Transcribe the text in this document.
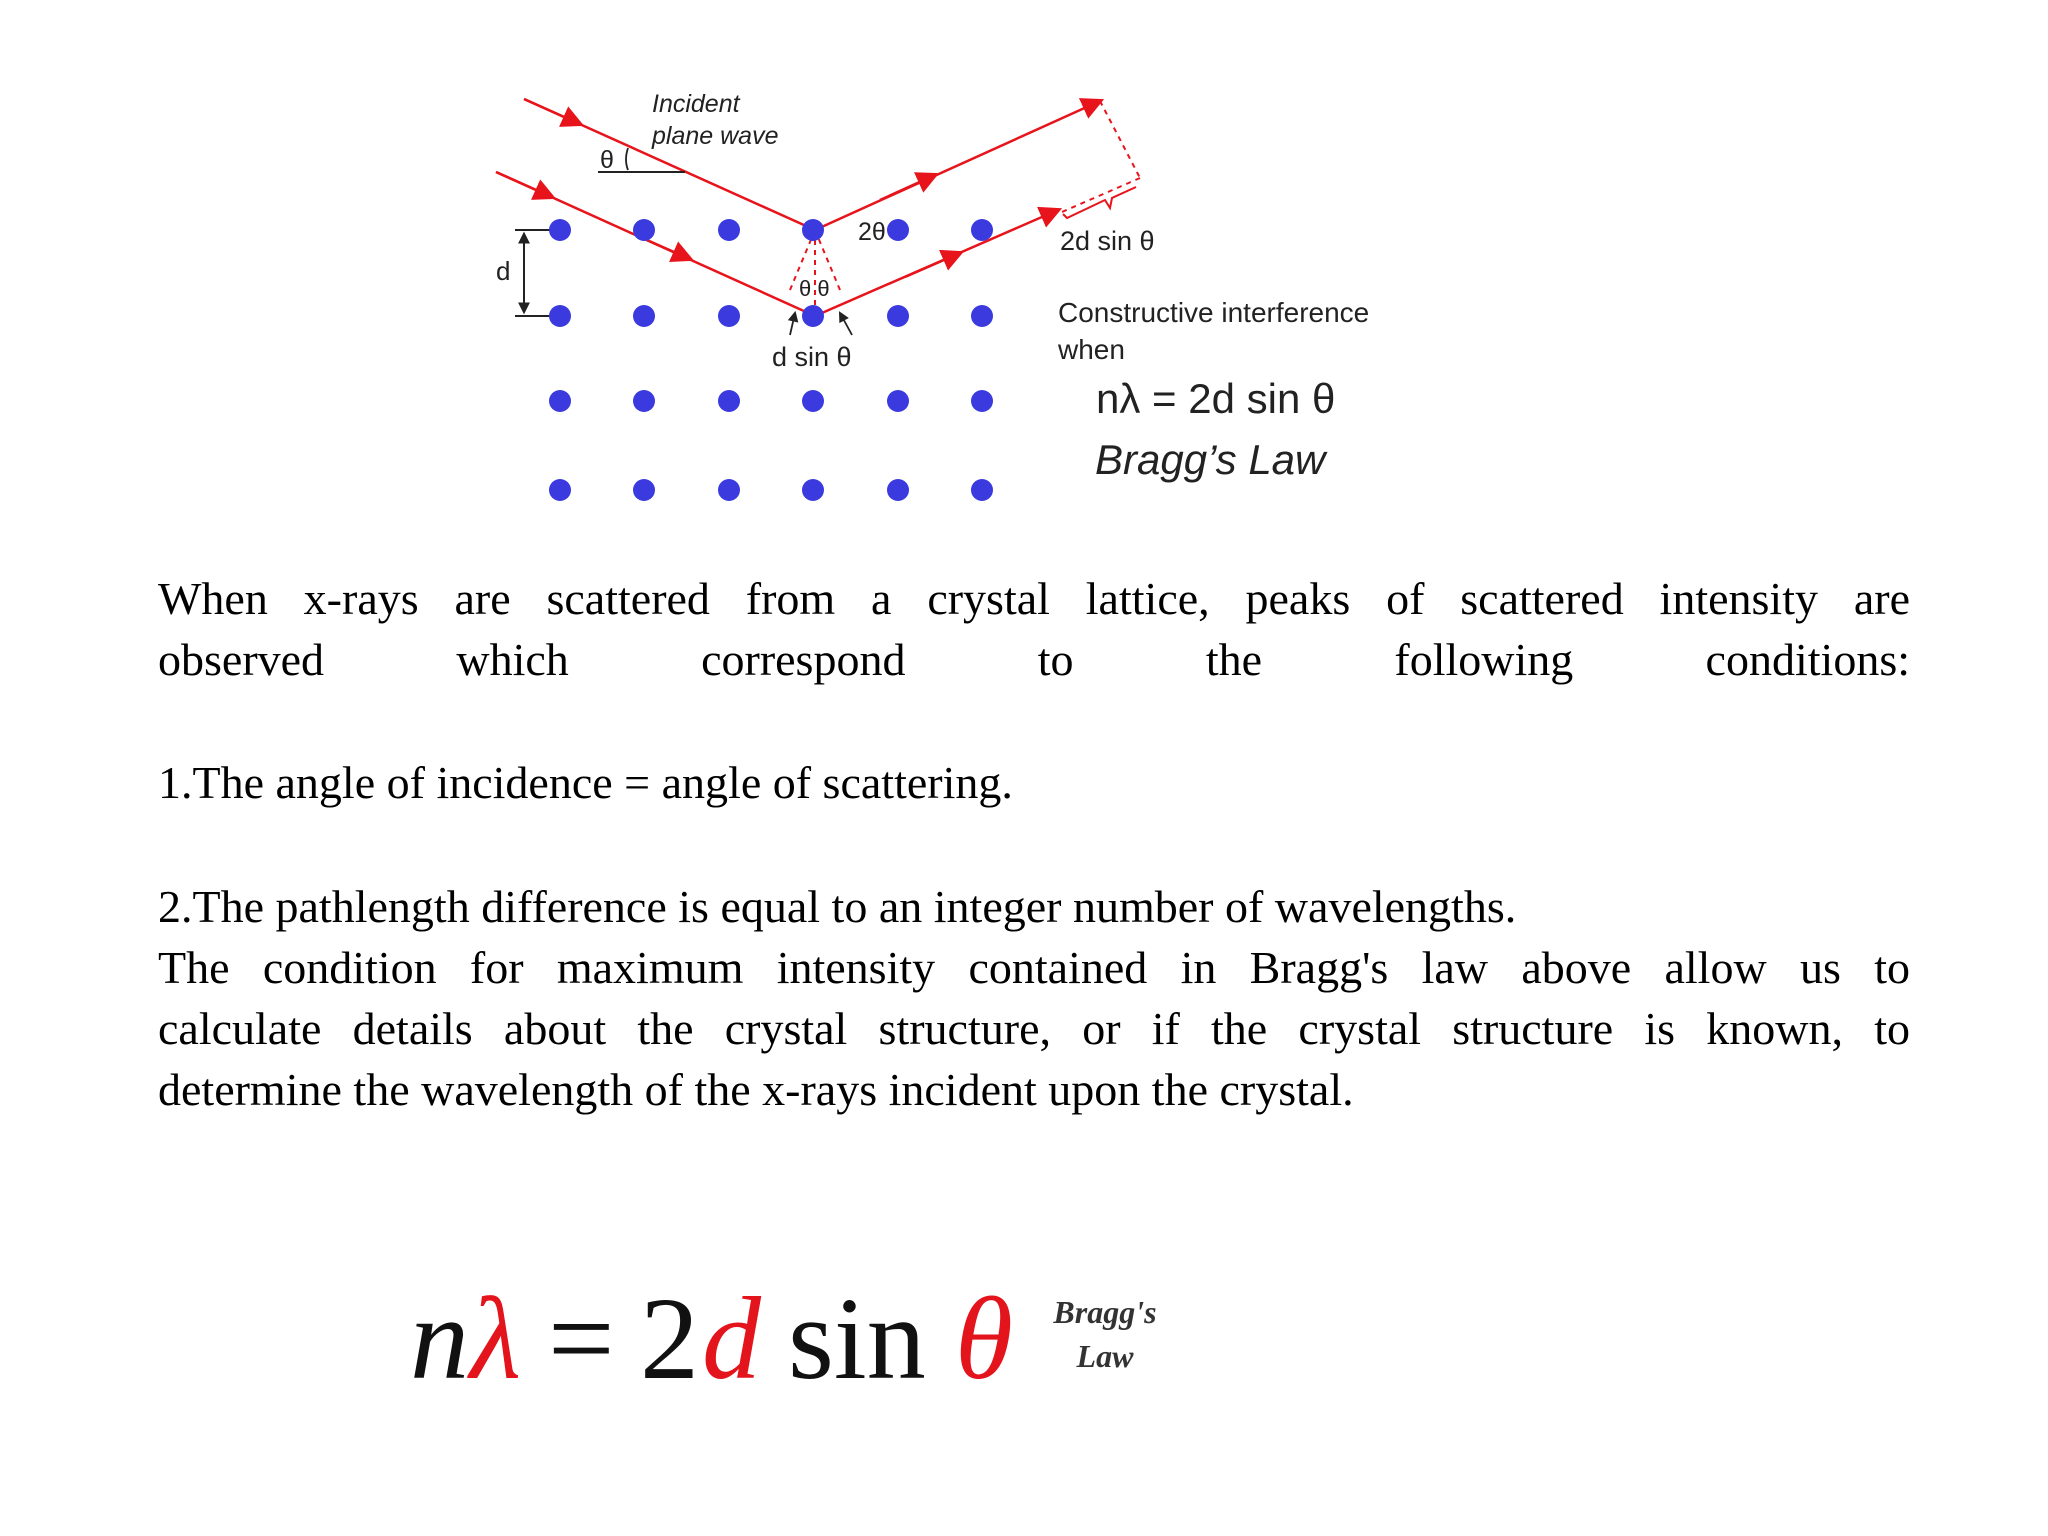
Incident
plane wave
θ
2θ
d
θ θ
d sin θ
2d sin θ
Constructive interference
when
nλ = 2d sin θ
Bragg’s Law
When x-rays are scattered from a crystal lattice, peaks of scattered intensity are
observed which correspond to the following conditions:
1.The angle of incidence = angle of scattering.
2.The pathlength difference is equal to an integer number of wavelengths.
The condition for maximum intensity contained in Bragg's law above allow us to
calculate details about the crystal structure, or if the crystal structure is known, to
determine the wavelength of the x-rays incident upon the crystal.
n λ = 2 d sin θ	Bragg's
Law
